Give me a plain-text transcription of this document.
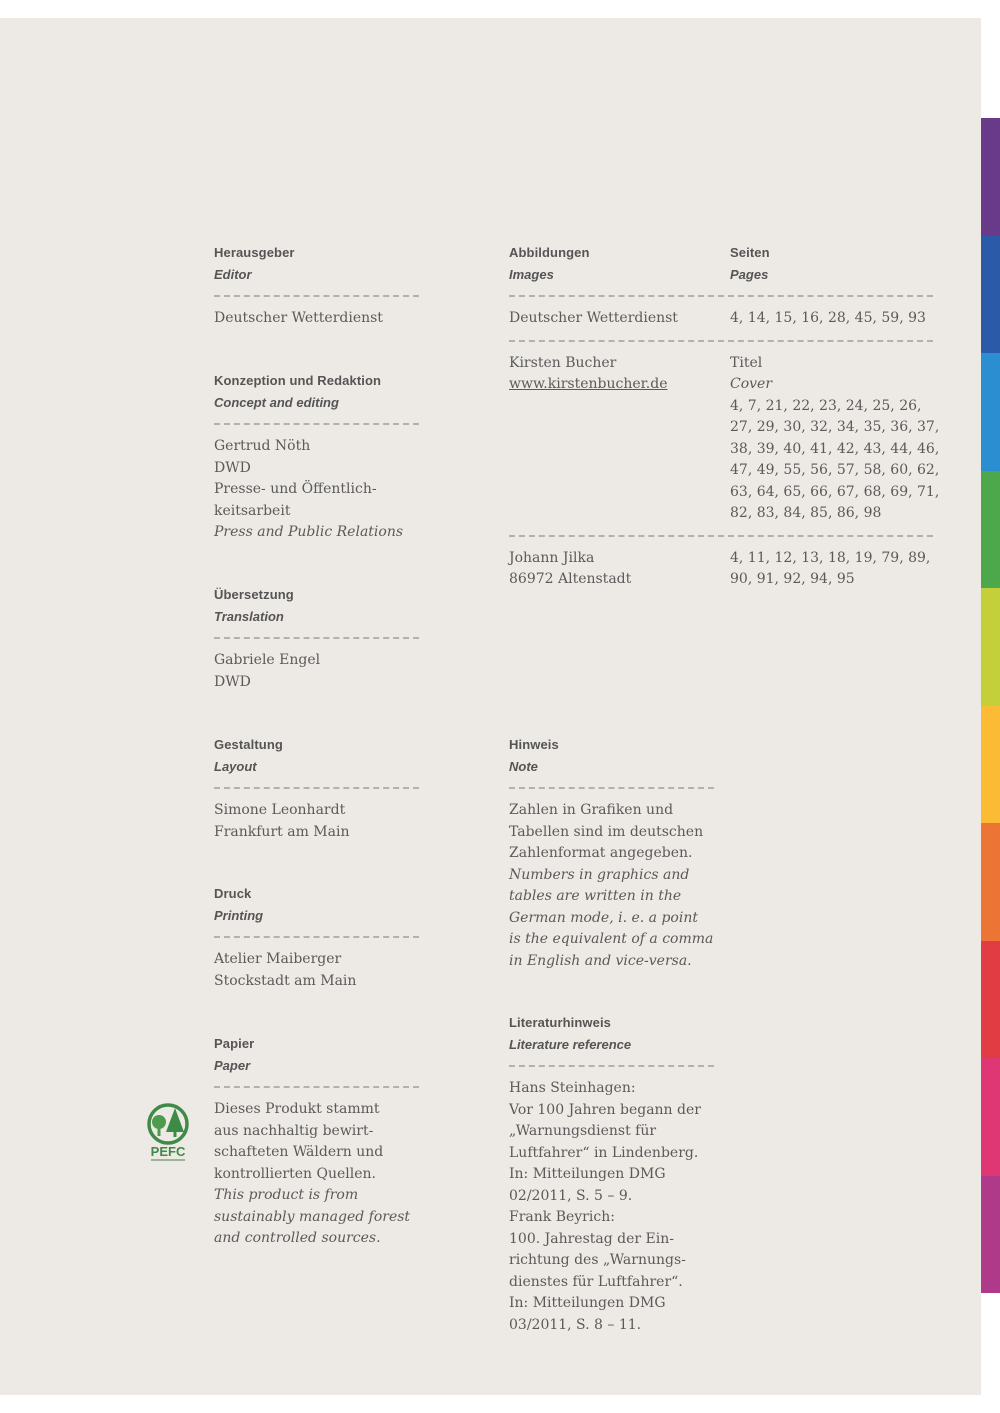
Herausgeber
Editor
Deutscher Wetterdienst
Konzeption und Redaktion
Concept and editing
Gertrud Nöth
DWD
Presse- und Öffentlich-
keitsarbeit
Press and Public Relations
Übersetzung
Translation
Gabriele Engel
DWD
Gestaltung
Layout
Simone Leonhardt
Frankfurt am Main
Druck
Printing
Atelier Maiberger
Stockstadt am Main
Papier
Paper
Dieses Produkt stammt
aus nachhaltig bewirt-
schafteten Wäldern und
kontrollierten Quellen.
This product is from
sustainably managed forest
and controlled sources.
PEFC
Abbildungen
Images
Seiten
Pages
Deutscher Wetterdienst	4, 14, 15, 16, 28, 45, 59, 93
Kirsten Bucher
www.kirstenbucher.de
Titel
Cover
4, 7, 21, 22, 23, 24, 25, 26,
27, 29, 30, 32, 34, 35, 36, 37,
38, 39, 40, 41, 42, 43, 44, 46,
47, 49, 55, 56, 57, 58, 60, 62,
63, 64, 65, 66, 67, 68, 69, 71,
82, 83, 84, 85, 86, 98
Johann Jilka
86972 Altenstadt
4, 11, 12, 13, 18, 19, 79, 89,
90, 91, 92, 94, 95
Hinweis
Note
Zahlen in Grafiken und
Tabellen sind im deutschen
Zahlenformat angegeben.
Numbers in graphics and
tables are written in the
German mode, i. e. a point
is the equivalent of a comma
in English and vice-versa.
Literaturhinweis
Literature reference
Hans Steinhagen:
Vor 100 Jahren begann der
„Warnungsdienst für
Luftfahrer“ in Lindenberg.
In: Mitteilungen DMG
02/2011, S. 5 – 9.
Frank Beyrich:
100. Jahrestag der Ein-
richtung des „Warnungs-
dienstes für Luftfahrer“.
In: Mitteilungen DMG
03/2011, S. 8 – 11.
